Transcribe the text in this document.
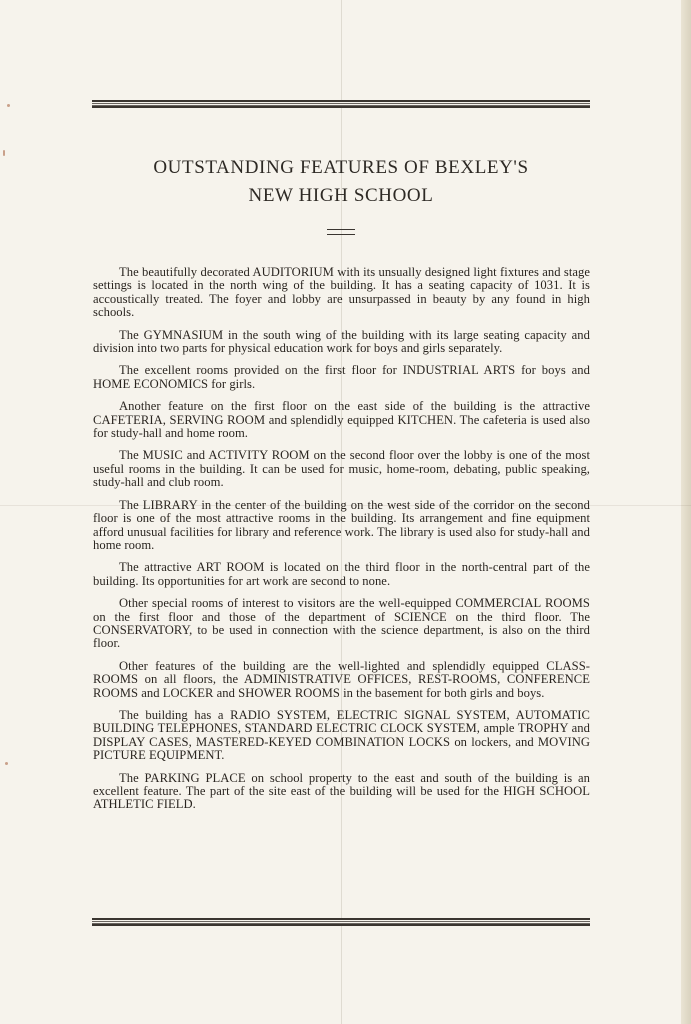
OUTSTANDING FEATURES OF BEXLEY'S
NEW HIGH SCHOOL

The beautifully decorated AUDITORIUM with its unsually designed light fixtures and stage settings is located in the north wing of the building. It has a seating capacity of 1031. It is accoustically treated. The foyer and lobby are unsurpassed in beauty by any found in high schools.

The GYMNASIUM in the south wing of the building with its large seating capacity and division into two parts for physical education work for boys and girls separately.

The excellent rooms provided on the first floor for INDUSTRIAL ARTS for boys and HOME ECONOMICS for girls.

Another feature on the first floor on the east side of the building is the attractive CAFETERIA, SERVING ROOM and splendidly equipped KITCHEN. The cafeteria is used also for study-hall and home room.

The MUSIC and ACTIVITY ROOM on the second floor over the lobby is one of the most useful rooms in the building. It can be used for music, home-room, debating, public speaking, study-hall and club room.

The LIBRARY in the center of the building on the west side of the corridor on the second floor is one of the most attractive rooms in the building. Its arrangement and fine equipment afford unusual facilities for library and reference work. The library is used also for study-hall and home room.

The attractive ART ROOM is located on the third floor in the north-central part of the building. Its opportunities for art work are second to none.

Other special rooms of interest to visitors are the well-equipped COMMERCIAL ROOMS on the first floor and those of the department of SCIENCE on the third floor. The CONSERVATORY, to be used in connection with the science department, is also on the third floor.

Other features of the building are the well-lighted and splendidly equipped CLASS-ROOMS on all floors, the ADMINISTRATIVE OFFICES, REST-ROOMS, CONFERENCE ROOMS and LOCKER and SHOWER ROOMS in the basement for both girls and boys.

The building has a RADIO SYSTEM, ELECTRIC SIGNAL SYSTEM, AUTOMATIC BUILDING TELEPHONES, STANDARD ELECTRIC CLOCK SYSTEM, ample TROPHY and DISPLAY CASES, MASTERED-KEYED COMBINATION LOCKS on lockers, and MOVING PICTURE EQUIPMENT.

The PARKING PLACE on school property to the east and south of the building is an excellent feature. The part of the site east of the building will be used for the HIGH SCHOOL ATHLETIC FIELD.
